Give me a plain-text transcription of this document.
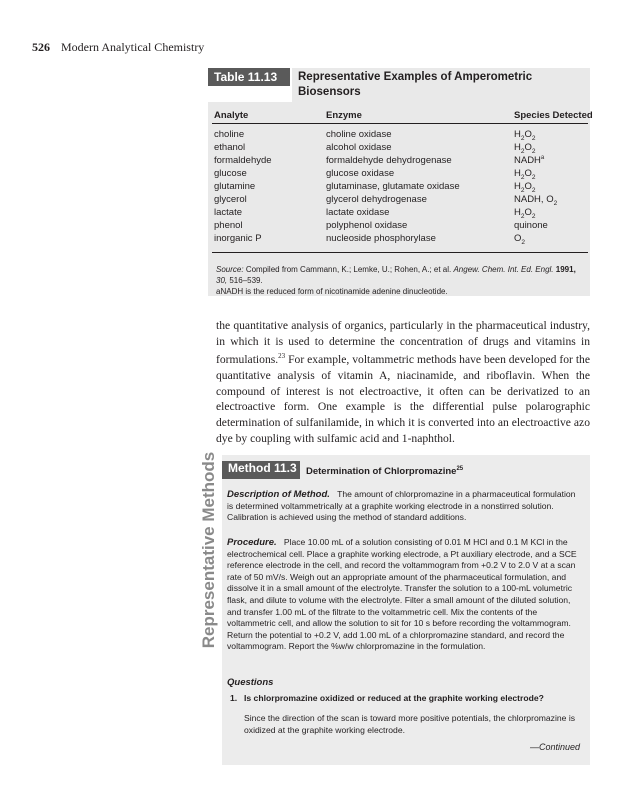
526 Modern Analytical Chemistry
Table 11.13	Representative Examples of Amperometric Biosensors
Analyte	Enzyme	Species Detected
choline	choline oxidase	$H_2O_2$
ethanol	alcohol oxidase	$H_2O_2$
formaldehyde	formaldehyde dehydrogenase	NADH$^a$
glucose	glucose oxidase	$H_2O_2$
glutamine	glutaminase, glutamate oxidase	$H_2O_2$
glycerol	glycerol dehydrogenase	NADH, $O_2$
lactate	lactate oxidase	$H_2O_2$
phenol	polyphenol oxidase	quinone
inorganic P	nucleoside phosphorylase	$O_2$
Source: Compiled from Cammann, K.; Lemke, U.; Rohen, A.; et al. Angew. Chem. Int. Ed. Engl. 1991, 30, 516–539.
aNADH is the reduced form of nicotinamide adenine dinucleotide.
the quantitative analysis of organics, particularly in the pharmaceutical industry, in which it is used to determine the concentration of drugs and vitamins in formulations.$^{23}$ For example, voltammetric methods have been developed for the quantitative analysis of vitamin A, niacinamide, and riboflavin. When the compound of interest is not electroactive, it often can be derivatized to an electroactive form. One example is the differential pulse polarographic determination of sulfanilamide, in which it is converted into an electroactive azo dye by coupling with sulfamic acid and 1-naphthol.
Representative Methods Method 11.3 Determination of Chlorpromazine$^{25}$
Description of Method. The amount of chlorpromazine in a pharmaceutical formulation is determined voltammetrically at a graphite working electrode in a nonstirred solution. Calibration is achieved using the method of standard additions.
Procedure. Place 10.00 mL of a solution consisting of 0.01 M HCl and 0.1 M KCl in the electrochemical cell. Place a graphite working electrode, a Pt auxiliary electrode, and a SCE reference electrode in the cell, and record the voltammogram from +0.2 V to 2.0 V at a scan rate of 50 mV/s. Weigh out an appropriate amount of the pharmaceutical formulation, and dissolve it in a small amount of the electrolyte. Transfer the solution to a 100-mL volumetric flask, and dilute to volume with the electrolyte. Filter a small amount of the diluted solution, and transfer 1.00 mL of the filtrate to the voltammetric cell. Mix the contents of the voltammetric cell, and allow the solution to sit for 10 s before recording the voltammogram. Return the potential to +0.2 V, add 1.00 mL of a chlorpromazine standard, and record the voltammogram. Report the %w/w chlorpromazine in the formulation.
Questions
1. Is chlorpromazine oxidized or reduced at the graphite working electrode?
Since the direction of the scan is toward more positive potentials, the chlorpromazine is oxidized at the graphite working electrode.
—Continued
